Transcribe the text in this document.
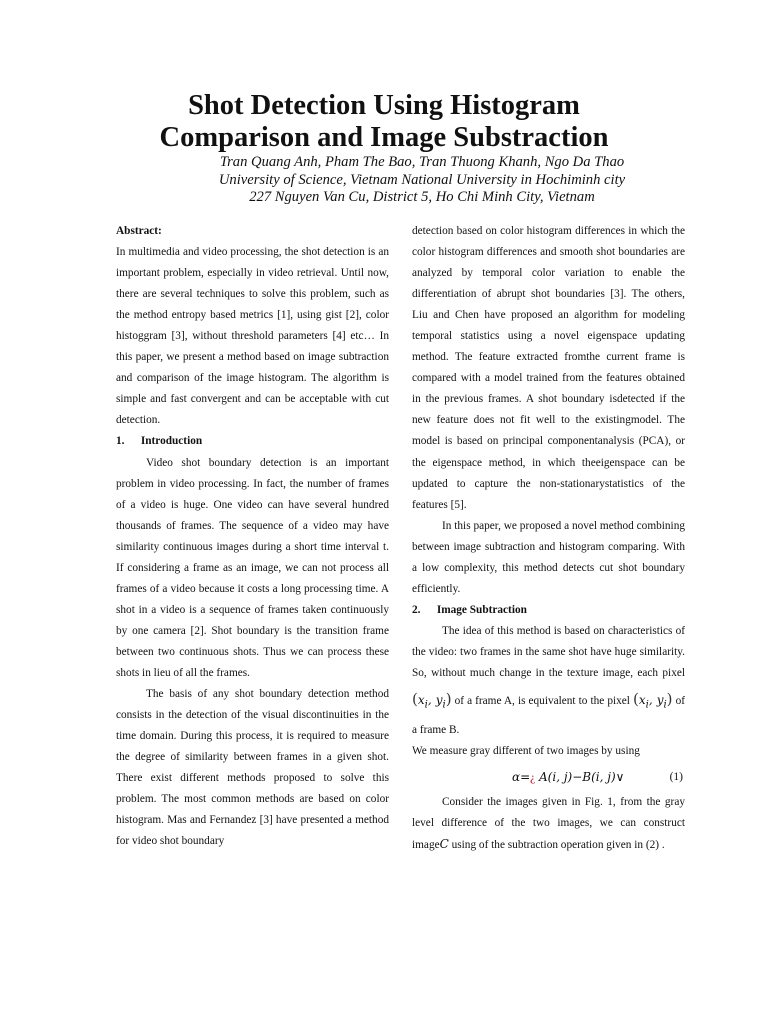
Shot Detection Using Histogram
Comparison and Image Substraction
Tran Quang Anh, Pham The Bao, Tran Thuong Khanh, Ngo Da Thao
University of Science, Vietnam National University in Hochiminh city
227 Nguyen Van Cu, District 5, Ho Chi Minh City, Vietnam

Abstract:

In multimedia and video processing, the shot detection is an important problem, especially in video retrieval. Until now, there are several techniques to solve this problem, such as the method entropy based metrics [1], using gist [2], color histoggram [3], without threshold parameters [4] etc… In this paper, we present a method based on image subtraction and comparison of the image histogram. The algorithm is simple and fast convergent and can be acceptable with cut detection.

1. Introduction

Video shot boundary detection is an important problem in video processing. In fact, the number of frames of a video is huge. One video can have several hundred thousands of frames. The sequence of a video may have similarity continuous images during a short time interval t. If considering a frame as an image, we can not process all frames of a video because it costs a long processing time. A shot in a video is a sequence of frames taken continuously by one camera [2]. Shot boundary is the transition frame between two continuous shots. Thus we can process these shots in lieu of all the frames.

The basis of any shot boundary detection method consists in the detection of the visual discontinuities in the time domain. During this process, it is required to measure the degree of similarity between frames in a given shot. There exist different methods proposed to solve this problem. The most common methods are based on color histogram. Mas and Fernandez [3] have presented a method for video shot boundary

detection based on color histogram differences in which the color histogram differences and smooth shot boundaries are analyzed by temporal color variation to enable the differentiation of abrupt shot boundaries [3]. The others, Liu and Chen have proposed an algorithm for modeling temporal statistics using a novel eigenspace updating method. The feature extracted fromthe current frame is compared with a model trained from the features obtained in the previous frames. A shot boundary isdetected if the new feature does not fit well to the existingmodel. The model is based on principal componentanalysis (PCA), or the eigenspace method, in which theeigenspace can be updated to capture the non-stationarystatistics of the features [5].

In this paper, we proposed a novel method combining between image subtraction and histogram comparing. With a low complexity, this method detects cut shot boundary efficiently.

2. Image Subtraction

The idea of this method is based on characteristics of the video: two frames in the same shot have huge similarity. So, without much change in the texture image, each pixel ($x_i$, $y_i$) of a frame A, is equivalent to the pixel ($x_i$, $y_i$) of a frame B.

We measure gray different of two images by using

α=¿ A(i, j)−B(i, j)∨	(1)

Consider the images given in Fig. 1, from the gray level difference of the two images, we can construct imageC using of the subtraction operation given in (2) .
